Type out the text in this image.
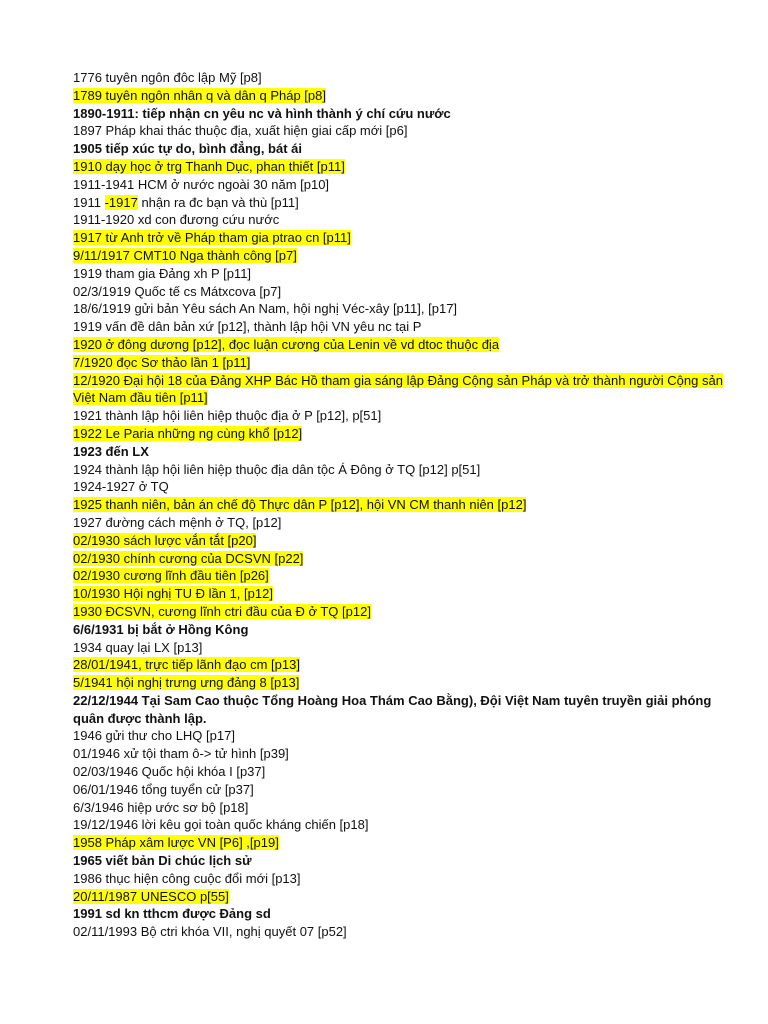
1776 tuyên ngôn đôc lập Mỹ [p8]
1789 tuyên ngôn nhân q và dân q Pháp [p8]
1890-1911: tiếp nhận cn yêu nc và hình thành ý chí cứu nước
1897 Pháp khai thác thuộc địa, xuất hiện giai cấp mới [p6]
1905 tiếp xúc tự do, bình đẳng, bát ái
1910 dạy học ở trg Thanh Dục, phan thiết [p11]
1911-1941 HCM ở nước ngoài 30 năm [p10]
1911 -1917 nhận ra đc bạn và thù [p11]
1911-1920 xd con đương cứu nước
1917 từ Anh trở về Pháp tham gia ptrao cn [p11]
9/11/1917 CMT10 Nga thành công [p7]
1919 tham gia Đảng xh P [p11]
02/3/1919 Quốc tế cs Mátxcova [p7]
18/6/1919 gửi bản Yêu sách An Nam, hội nghị Véc-xây [p11], [p17]
1919 vấn đề dân bản xứ [p12], thành lập hội VN yêu nc tại P
1920 ở đông dương [p12], đọc luận cương của Lenin về vd dtoc thuộc địa
7/1920 đọc Sơ thảo lần 1 [p11]
12/1920 Đại hội 18 của Đảng XHP Bác Hồ tham gia sáng lập Đảng Cộng sản Pháp và trở thành người Cộng sản Việt Nam đầu tiên [p11]
1921 thành lập hội liên hiệp thuộc địa ở P [p12], p[51]
1922 Le Paria những ng cùng khổ [p12]
1923 đến LX
1924 thành lập hội liên hiệp thuộc địa dân tộc Á Đông ở TQ [p12] p[51]
1924-1927 ở TQ
1925 thanh niên, bản án chế độ Thực dân P [p12], hội VN CM thanh niên [p12]
1927 đường cách mệnh ở TQ, [p12]
02/1930 sách lược vắn tắt [p20]
02/1930 chính cương của DCSVN [p22]
02/1930 cương lĩnh đầu tiên [p26]
10/1930 Hội nghị TU Đ lần 1, [p12]
1930 ĐCSVN, cương lĩnh ctri đầu của Đ ở TQ [p12]
6/6/1931 bị bắt ở Hồng Kông
1934 quay lại LX [p13]
28/01/1941, trực tiếp lãnh đạo cm [p13]
5/1941 hội nghị trưng ưng đảng 8 [p13]
22/12/1944 Tại Sam Cao thuộc Tổng Hoàng Hoa Thám Cao Bằng), Đội Việt Nam tuyên truyền giải phóng quân được thành lập.
1946 gửi thư cho LHQ [p17]
01/1946 xử tội tham ô-> tử hình [p39]
02/03/1946 Quốc hội khóa I [p37]
06/01/1946 tổng tuyển cử [p37]
6/3/1946 hiệp ước sơ bộ [p18]
19/12/1946 lời kêu gọi toàn quốc kháng chiến [p18]
1958 Pháp xâm lược VN [P6] ,[p19]
1965 viết bản Di chúc lịch sử
1986 thục hiện công cuộc đổi mới [p13]
20/11/1987 UNESCO p[55]
1991 sd kn tthcm được Đảng sd
02/11/1993 Bộ ctri khóa VII, nghị quyết 07 [p52]
